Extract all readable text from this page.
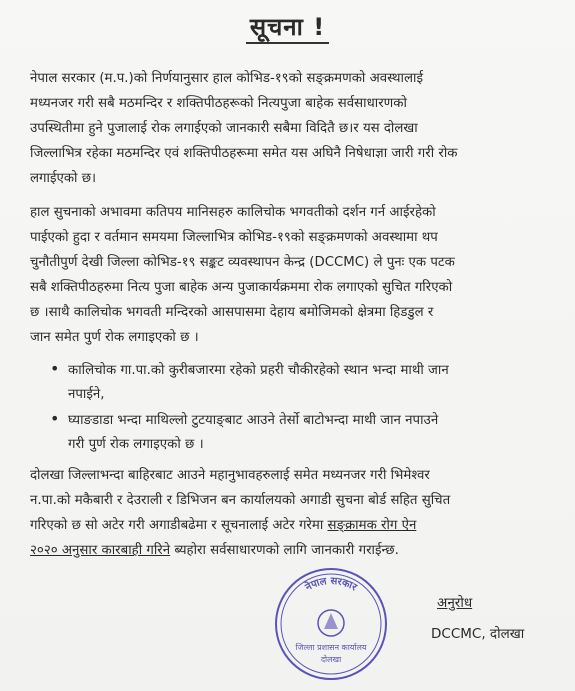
सूचना !
नेपाल सरकार (म.प.)को निर्णयानुसार हाल कोभिड-१९को सङ्क्रमणको अवस्थालाई
मध्यनजर गरी सबै मठमन्दिर र शक्तिपीठहरूको नित्यपुजा बाहेक सर्वसाधारणको
उपस्थितीमा हुने पुजालाई रोक लगाईएको जानकारी सबैमा विदितै छ।र यस दोलखा
जिल्लाभित्र रहेका मठमन्दिर एवं शक्तिपीठहरूमा समेत यस अघिनै निषेधाज्ञा जारी गरी रोक
लगाईएको छ।
हाल सुचनाको अभावमा कतिपय मानिसहरु कालिचोक भगवतीको दर्शन गर्न आईरहेको
पाईएको हुदा र वर्तमान समयमा जिल्लाभित्र कोभिड-१९को सङ्क्रमणको अवस्थामा थप
चुनौतीपुर्ण देखी जिल्ला कोभिड-१९ सङ्कट व्यवस्थापन केन्द्र (DCCMC) ले पुनः एक पटक
सबै शक्तिपीठहरुमा नित्य पुजा बाहेक अन्य पुजाकार्यक्रममा रोक लगाएको सुचित गरिएको
छ ।साथै कालिचोक भगवती मन्दिरको आसपासमा देहाय बमोजिमको क्षेत्रमा हिडडुल र
जान समेत पुर्ण रोक लगाइएको छ ।
• कालिचोक गा.पा.को कुरीबजारमा रहेको प्रहरी चौकीरहेको स्थान भन्दा माथी जान
नपाईने,
• घ्याङडाडा भन्दा माथिल्लो टुटयाङ्बाट आउने तेर्सो बाटोभन्दा माथी जान नपाउने
गरी पुर्ण रोक लगाइएको छ ।
दोलखा जिल्लाभन्दा बाहिरबाट आउने महानुभावहरुलाई समेत मध्यनजर गरी भिमेश्वर
न.पा.को मकैबारी र देउराली र डिभिजन बन कार्यालयको अगाडी सुचना बोर्ड सहित सुचित
गरिएको छ सो अटेर गरी अगाडीबढेमा र सूचनालाई अटेर गरेमा सङ्क्रामक रोग ऐन
२०२० अनुसार कारबाही गरिने ब्यहोरा सर्वसाधारणको लागि जानकारी गराईन्छ.
नेपाल सरकार
जिल्ला प्रशासन कार्यालय
दोलखा
अनुरोध
DCCMC, दोलखा
